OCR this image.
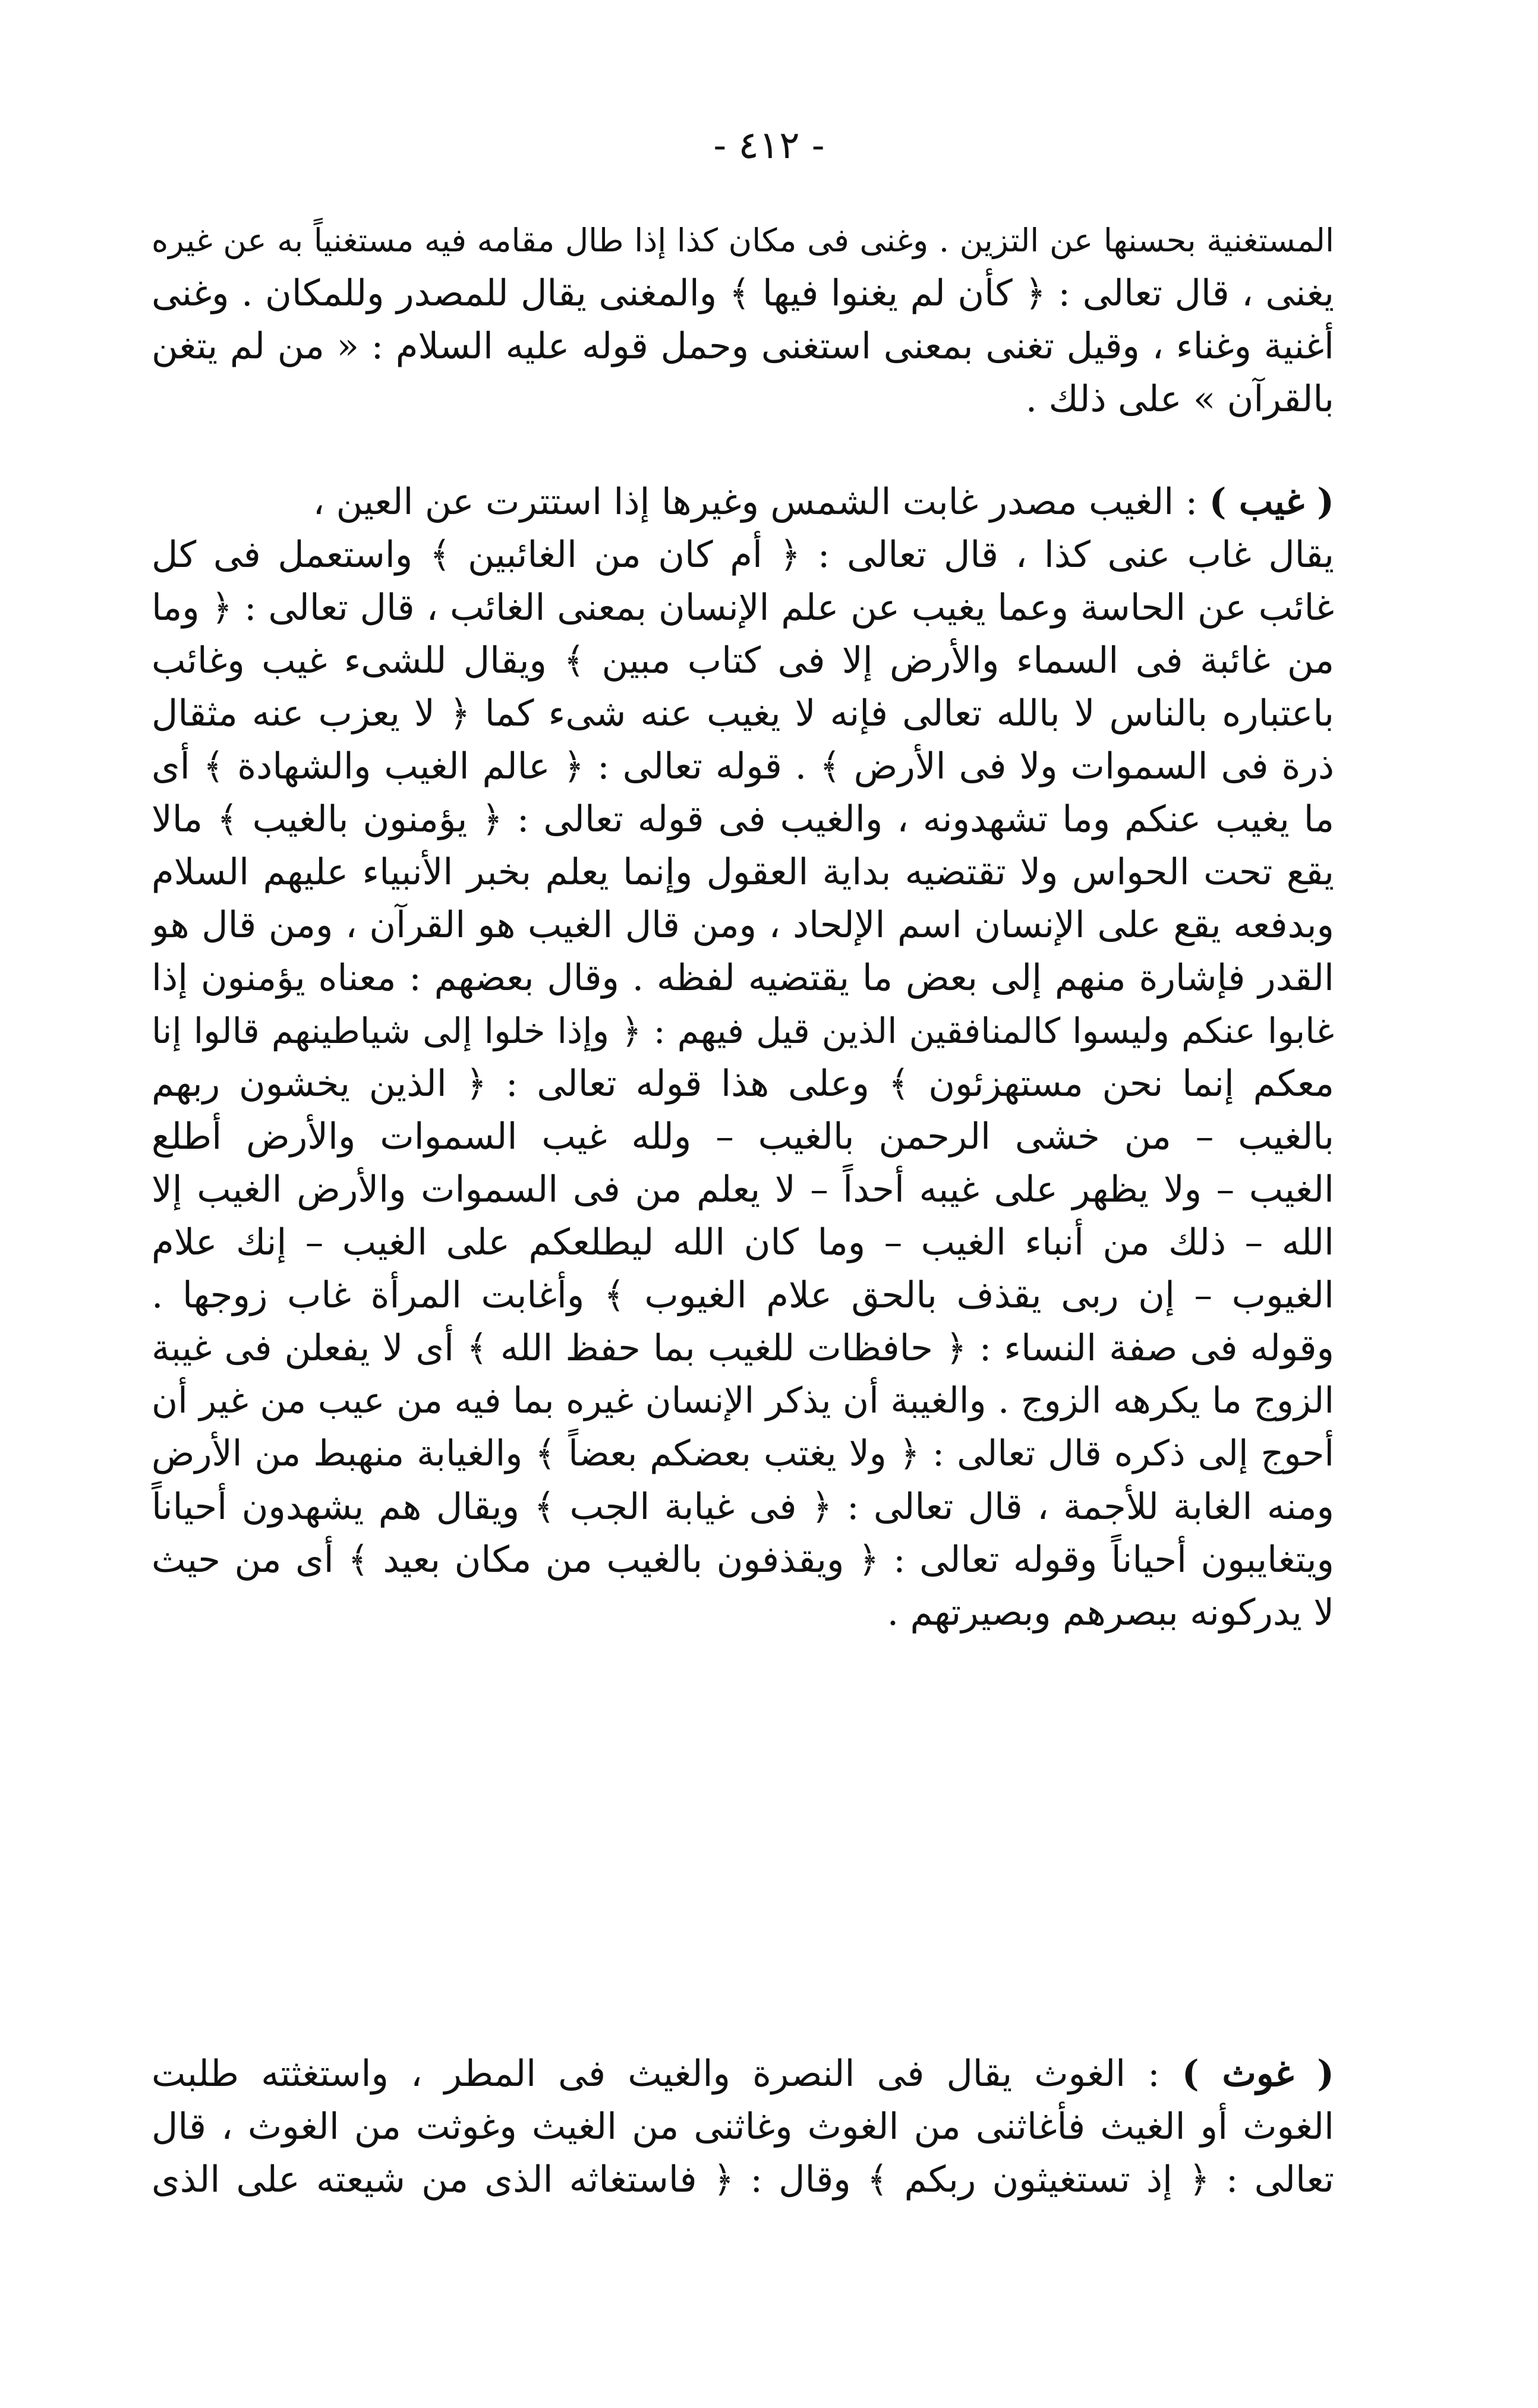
- ٤١٢ -
المستغنية بحسنها عن التزين . وغنى فى مكان كذا إذا طال مقامه فيه مستغنياً به عن غيره
يغنى ، قال تعالى : ﴿ كأن لم يغنوا فيها ﴾ والمغنى يقال للمصدر وللمكان . وغنى
أغنية وغناء ، وقيل تغنى بمعنى استغنى وحمل قوله عليه السلام : « من لم يتغن
بالقرآن » على ذلك .
( غيب ) : الغيب مصدر غابت الشمس وغيرها إذا استترت عن العين ،
يقال غاب عنى كذا ، قال تعالى : ﴿ أم كان من الغائبين ﴾ واستعمل فى كل
غائب عن الحاسة وعما يغيب عن علم الإنسان بمعنى الغائب ، قال تعالى : ﴿ وما
من غائبة فى السماء والأرض إلا فى كتاب مبين ﴾ ويقال للشىء غيب وغائب
باعتباره بالناس لا بالله تعالى فإنه لا يغيب عنه شىء كما ﴿ لا يعزب عنه مثقال
ذرة فى السموات ولا فى الأرض ﴾ . قوله تعالى : ﴿ عالم الغيب والشهادة ﴾ أى
ما يغيب عنكم وما تشهدونه ، والغيب فى قوله تعالى : ﴿ يؤمنون بالغيب ﴾ مالا
يقع تحت الحواس ولا تقتضيه بداية العقول وإنما يعلم بخبر الأنبياء عليهم السلام
وبدفعه يقع على الإنسان اسم الإلحاد ، ومن قال الغيب هو القرآن ، ومن قال هو
القدر فإشارة منهم إلى بعض ما يقتضيه لفظه . وقال بعضهم : معناه يؤمنون إذا
غابوا عنكم وليسوا كالمنافقين الذين قيل فيهم : ﴿ وإذا خلوا إلى شياطينهم قالوا إنا
معكم إنما نحن مستهزئون ﴾ وعلى هذا قوله تعالى : ﴿ الذين يخشون ربهم
بالغيب – من خشى الرحمن بالغيب – ولله غيب السموات والأرض أطلع
الغيب – ولا يظهر على غيبه أحداً – لا يعلم من فى السموات والأرض الغيب إلا
الله – ذلك من أنباء الغيب – وما كان الله ليطلعكم على الغيب – إنك علام
الغيوب – إن ربى يقذف بالحق علام الغيوب ﴾ وأغابت المرأة غاب زوجها .
وقوله فى صفة النساء : ﴿ حافظات للغيب بما حفظ الله ﴾ أى لا يفعلن فى غيبة
الزوج ما يكرهه الزوج . والغيبة أن يذكر الإنسان غيره بما فيه من عيب من غير أن
أحوج إلى ذكره قال تعالى : ﴿ ولا يغتب بعضكم بعضاً ﴾ والغيابة منهبط من الأرض
ومنه الغابة للأجمة ، قال تعالى : ﴿ فى غيابة الجب ﴾ ويقال هم يشهدون أحياناً
ويتغايبون أحياناً وقوله تعالى : ﴿ ويقذفون بالغيب من مكان بعيد ﴾ أى من حيث
لا يدركونه ببصرهم وبصيرتهم .
( غوث ) : الغوث يقال فى النصرة والغيث فى المطر ، واستغثته طلبت
الغوث أو الغيث فأغاثنى من الغوث وغاثنى من الغيث وغوثت من الغوث ، قال
تعالى : ﴿ إذ تستغيثون ربكم ﴾ وقال : ﴿ فاستغاثه الذى من شيعته على الذى
